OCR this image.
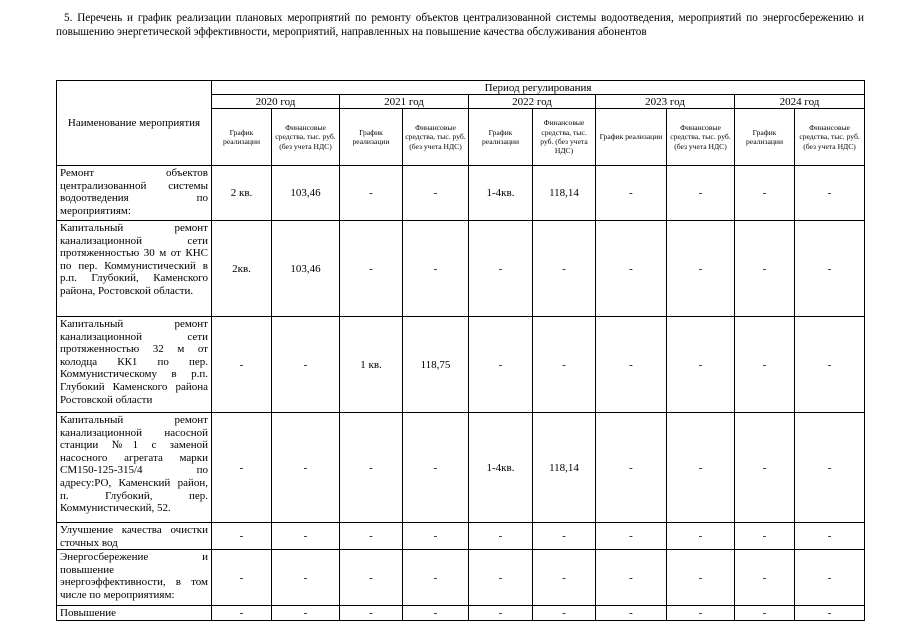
5. Перечень и график реализации плановых мероприятий по ремонту объектов централизованной системы водоотведения, мероприятий по энергосбережению и повышению энергетической эффективности, мероприятий, направленных на повышение качества обслуживания абонентов
Наименование мероприятия	Период регулирования									
	2020 год		2021 год		2022 год		2023 год		2024 год	
	График реализации	Финансовые средства, тыс. руб. (без учета НДС)	График реализации	Финансовые средства, тыс. руб. (без учета НДС)	График реализации	Финансовые средства, тыс. руб. (без учета НДС)	График реализации	Финансовые средства, тыс. руб. (без учета НДС)	График реализации	Финансовые средства, тыс. руб. (без учета НДС)
Ремонт объектов централизованной системы водоотведения по мероприятиям:	2 кв.	103,46	-	-	1-4кв.	118,14	-	-	-	-
Капитальный ремонт канализационной сети протяженностью 30 м от КНС по пер. Коммунистический в р.п. Глубокий, Каменского района, Ростовской области.	2кв.	103,46	-	-	-	-	-	-	-	-
Капитальный ремонт канализационной сети протяженностью 32 м от колодца КК1 по пер. Коммунистическому в р.п. Глубокий Каменского района Ростовской области	-	-	1 кв.	118,75	-	-	-	-	-	-
Капитальный ремонт канализационной насосной станции №1 с заменой насосного агрегата марки СМ150-125-315/4 по адресу:РО, Каменский район, п. Глубокий, пер. Коммунистический, 52.	-	-	-	-	1-4кв.	118,14	-	-	-	-
Улучшение качества очистки сточных вод	-	-	-	-	-	-	-	-	-	-
Энергосбережение и повышение энергоэффективности, в том числе по мероприятиям:	-	-	-	-	-	-	-	-	-	-
Повышение	-	-	-	-	-	-	-	-	-	-
